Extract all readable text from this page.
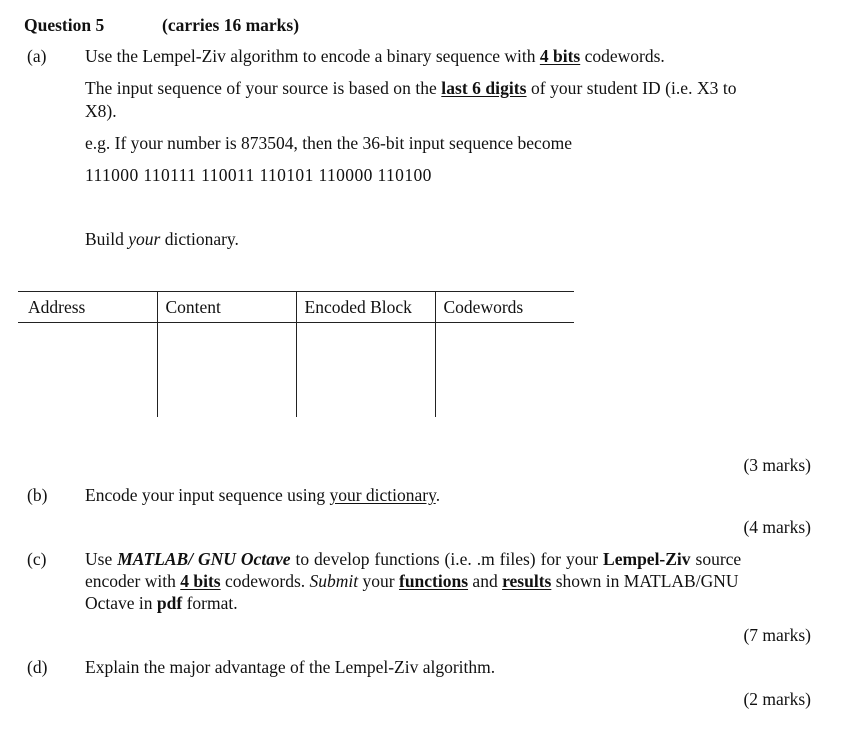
Question 5	(carries 16 marks)
(a) Use the Lempel-Ziv algorithm to encode a binary sequence with 4 bits codewords.
The input sequence of your source is based on the last 6 digits of your student ID (i.e. X3 to
X8).
e.g. If your number is 873504, then the 36-bit input sequence become
111000 110111 110011 110101 110000 110100
Build your dictionary.
Address	Content	Encoded Block	Codewords

(3 marks)
(b) Encode your input sequence using your dictionary.
(4 marks)
(c) Use MATLAB/ GNU Octave to develop functions (i.e. .m files) for your Lempel-Ziv source
encoder with 4 bits codewords. Submit your functions and results shown in MATLAB/GNU
Octave in pdf format.
(7 marks)
(d) Explain the major advantage of the Lempel-Ziv algorithm.
(2 marks)
